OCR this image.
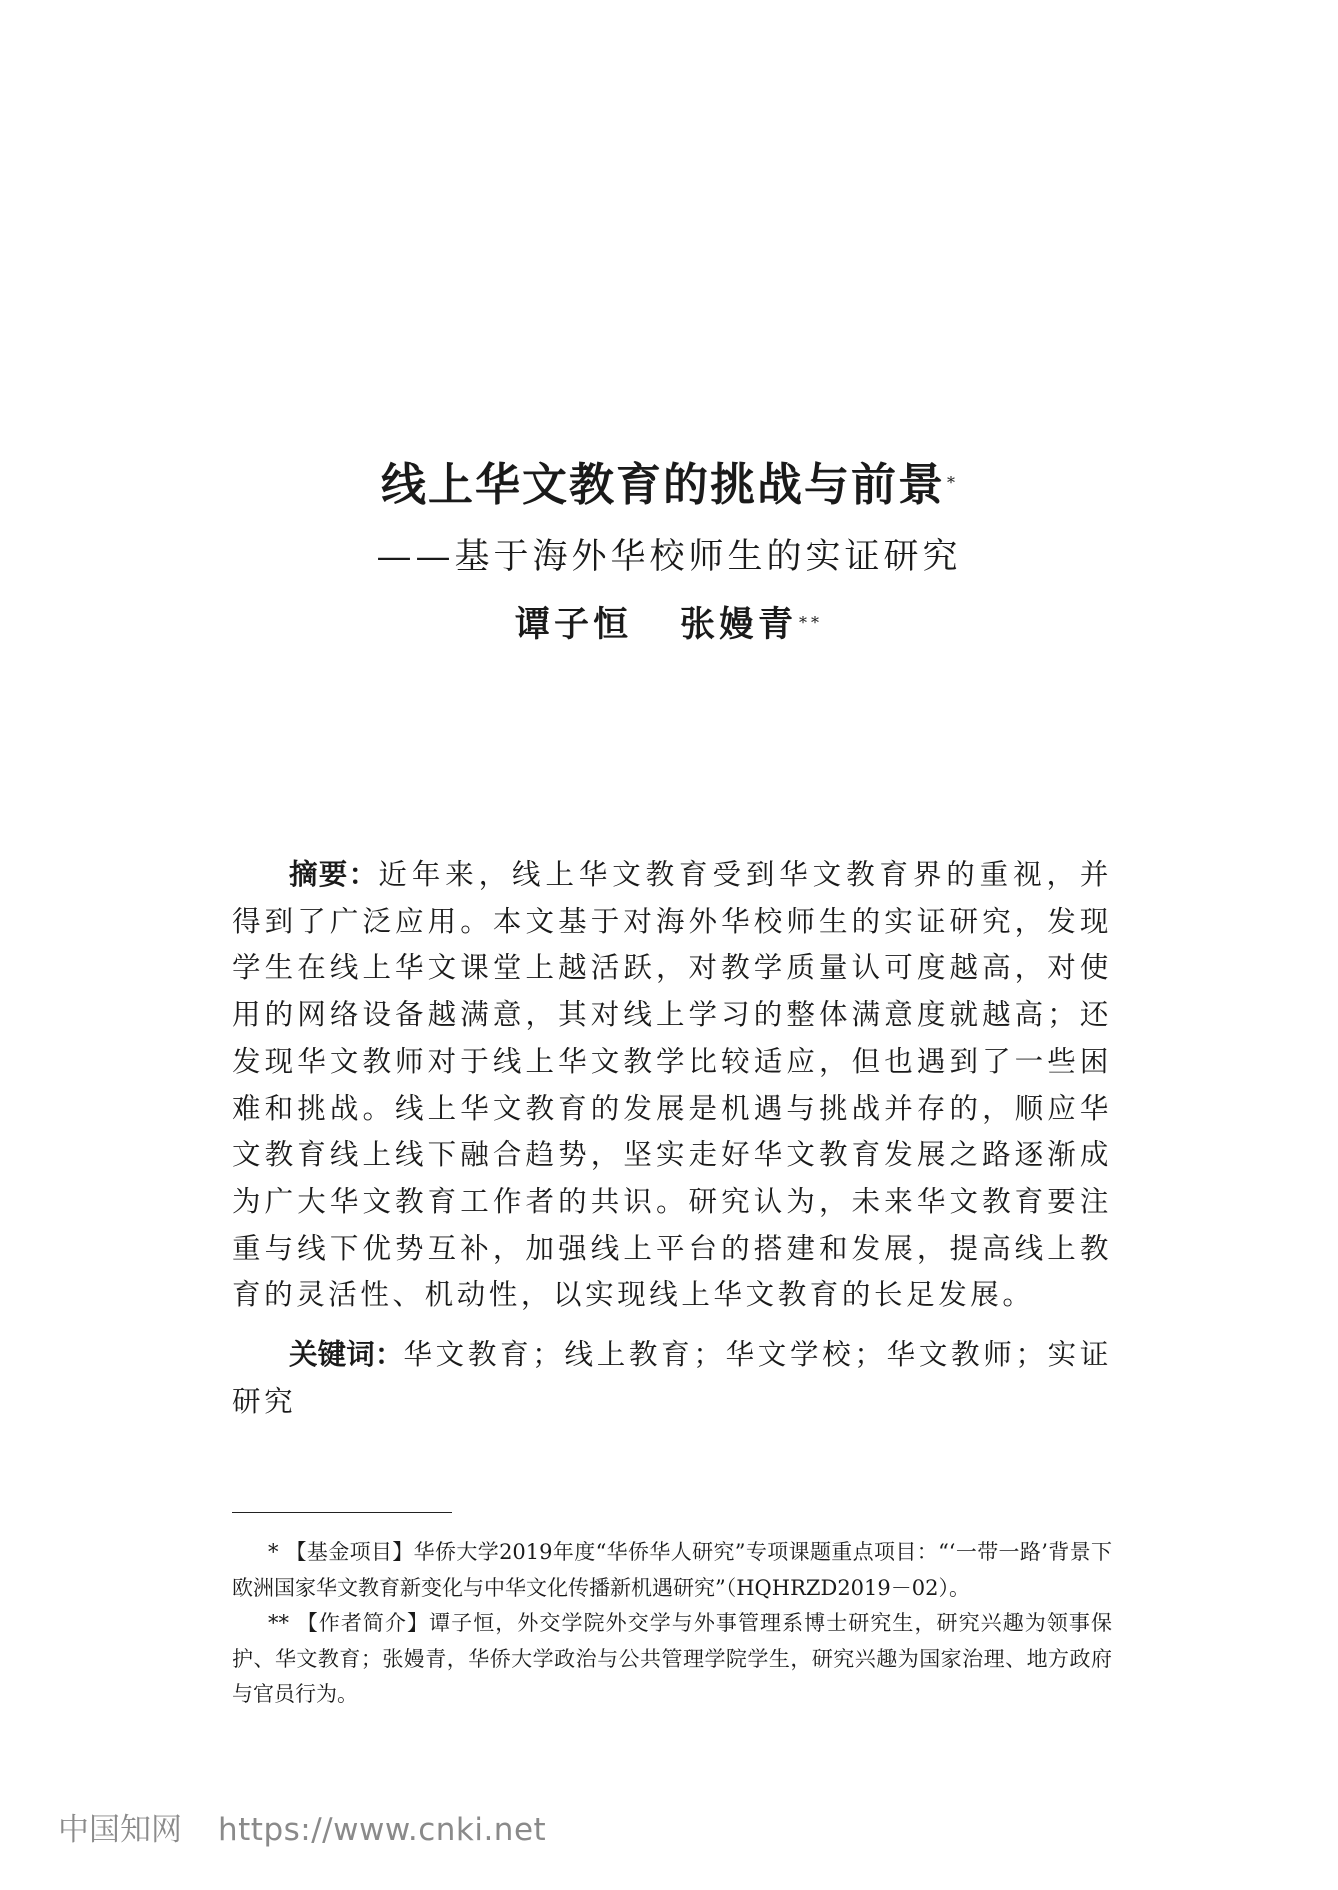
线上华文教育的挑战与前景 *
——基于海外华校师生的实证研究
谭子恒 张嫚青 **

摘要：近年来，线上华文教育受到华文教育界的重视，并得到了广泛应用。本文基于对海外华校师生的实证研究，发现学生在线上华文课堂上越活跃，对教学质量认可度越高，对使用的网络设备越满意，其对线上学习的整体满意度就越高；还发现华文教师对于线上华文教学比较适应，但也遇到了一些困难和挑战。线上华文教育的发展是机遇与挑战并存的，顺应华文教育线上线下融合趋势，坚实走好华文教育发展之路逐渐成为广大华文教育工作者的共识。研究认为，未来华文教育要注重与线下优势互补，加强线上平台的搭建和发展，提高线上教育的灵活性、机动性，以实现线上华文教育的长足发展。

关键词：华文教育；线上教育；华文学校；华文教师；实证研究

* 【基金项目】华侨大学2019年度“华侨华人研究”专项课题重点项目：“‘一带一路’背景下欧洲国家华文教育新变化与中华文化传播新机遇研究”（HQHRZD2019－02）。

** 【作者简介】谭子恒，外交学院外交学与外事管理系博士研究生，研究兴趣为领事保护、华文教育；张嫚青，华侨大学政治与公共管理学院学生，研究兴趣为国家治理、地方政府与官员行为。

中国知网 https://www.cnki.net
